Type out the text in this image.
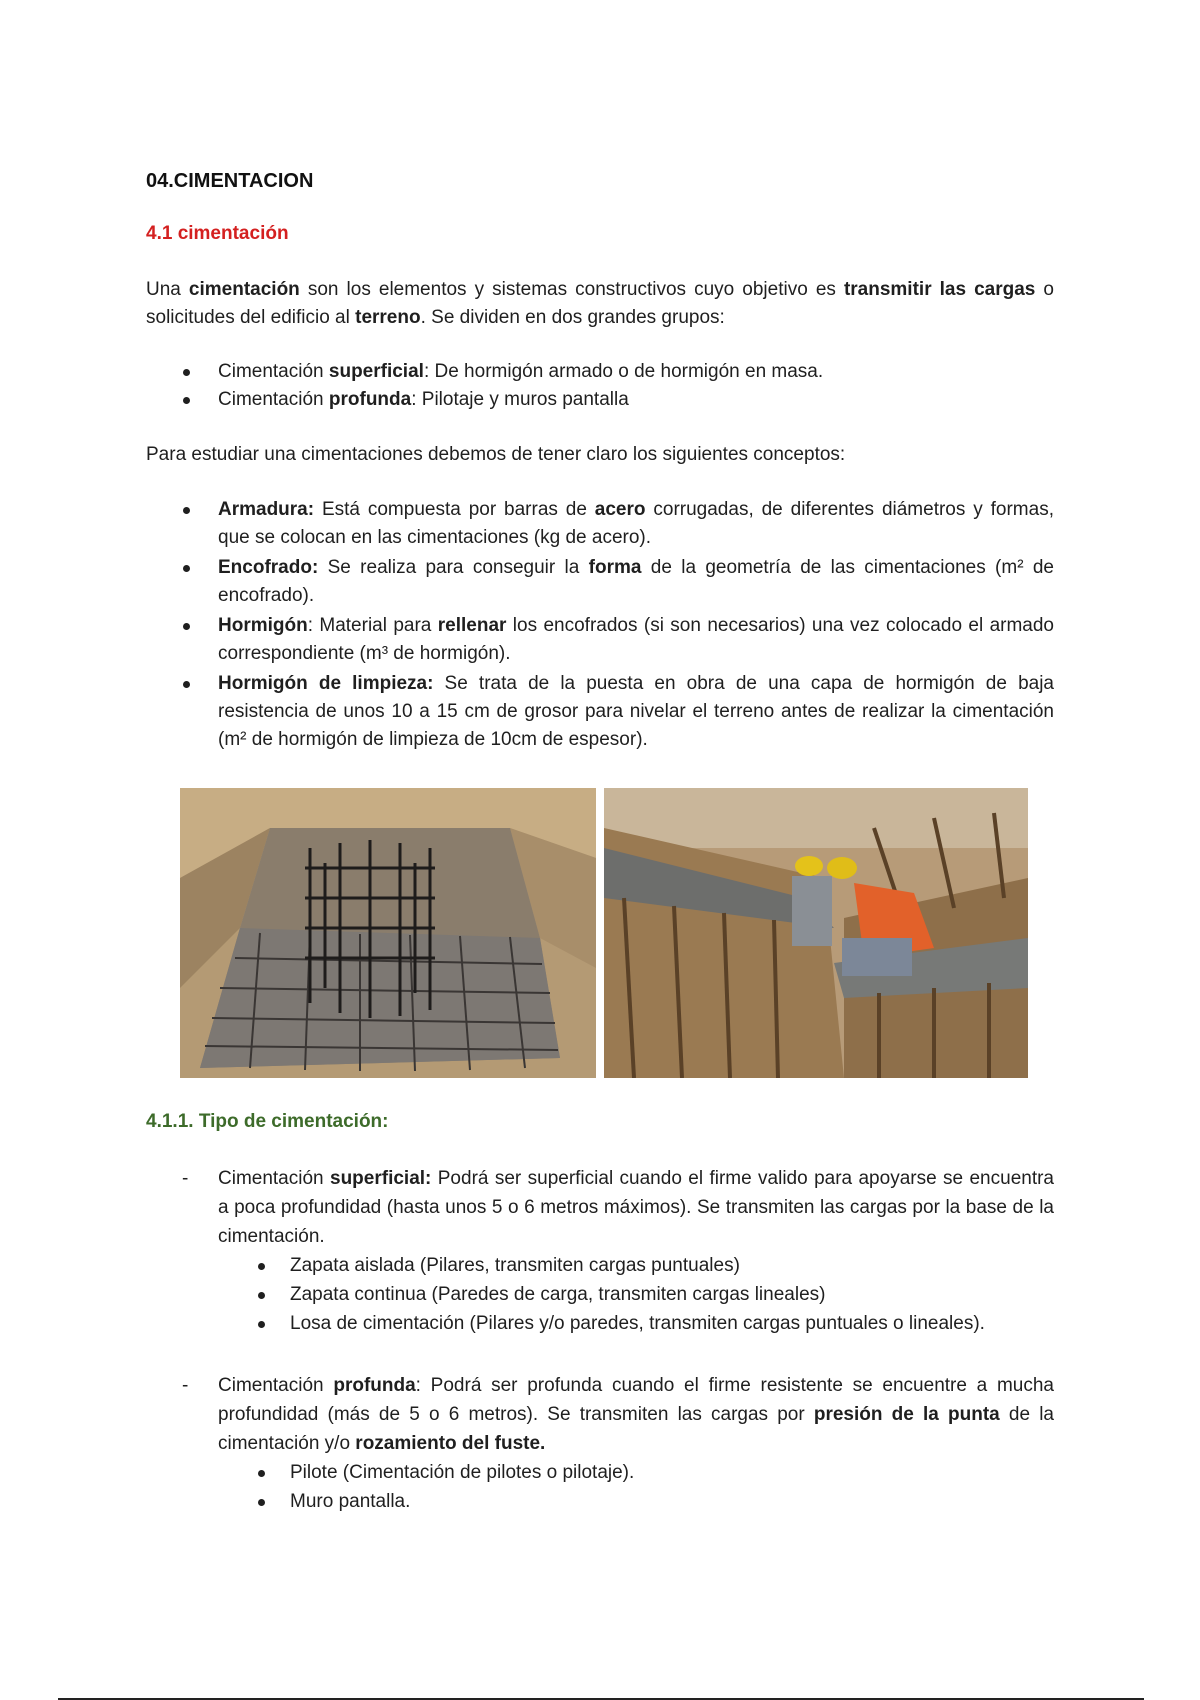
04.CIMENTACION
4.1 cimentación
Una cimentación son los elementos y sistemas constructivos cuyo objetivo es transmitir las cargas o solicitudes del edificio al terreno. Se dividen en dos grandes grupos:
Cimentación superficial: De hormigón armado o de hormigón en masa.
Cimentación profunda: Pilotaje y muros pantalla
Para estudiar una cimentaciones debemos de tener claro los siguientes conceptos:
Armadura: Está compuesta por barras de acero corrugadas, de diferentes diámetros y formas, que se colocan en las cimentaciones (kg de acero).
Encofrado: Se realiza para conseguir la forma de la geometría de las cimentaciones (m² de encofrado).
Hormigón: Material para rellenar los encofrados (si son necesarios) una vez colocado el armado correspondiente (m³ de hormigón).
Hormigón de limpieza: Se trata de la puesta en obra de una capa de hormigón de baja resistencia de unos 10 a 15 cm de grosor para nivelar el terreno antes de realizar la cimentación (m² de hormigón de limpieza de 10cm de espesor).
4.1.1. Tipo de cimentación:
- Cimentación superficial: Podrá ser superficial cuando el firme valido para apoyarse se encuentra a poca profundidad (hasta unos 5 o 6 metros máximos). Se transmiten las cargas por la base de la cimentación.
Zapata aislada (Pilares, transmiten cargas puntuales)
Zapata continua (Paredes de carga, transmiten cargas lineales)
Losa de cimentación (Pilares y/o paredes, transmiten cargas puntuales o lineales).
- Cimentación profunda: Podrá ser profunda cuando el firme resistente se encuentre a mucha profundidad (más de 5 o 6 metros). Se transmiten las cargas por presión de la punta de la cimentación y/o rozamiento del fuste.
Pilote (Cimentación de pilotes o pilotaje).
Muro pantalla.
